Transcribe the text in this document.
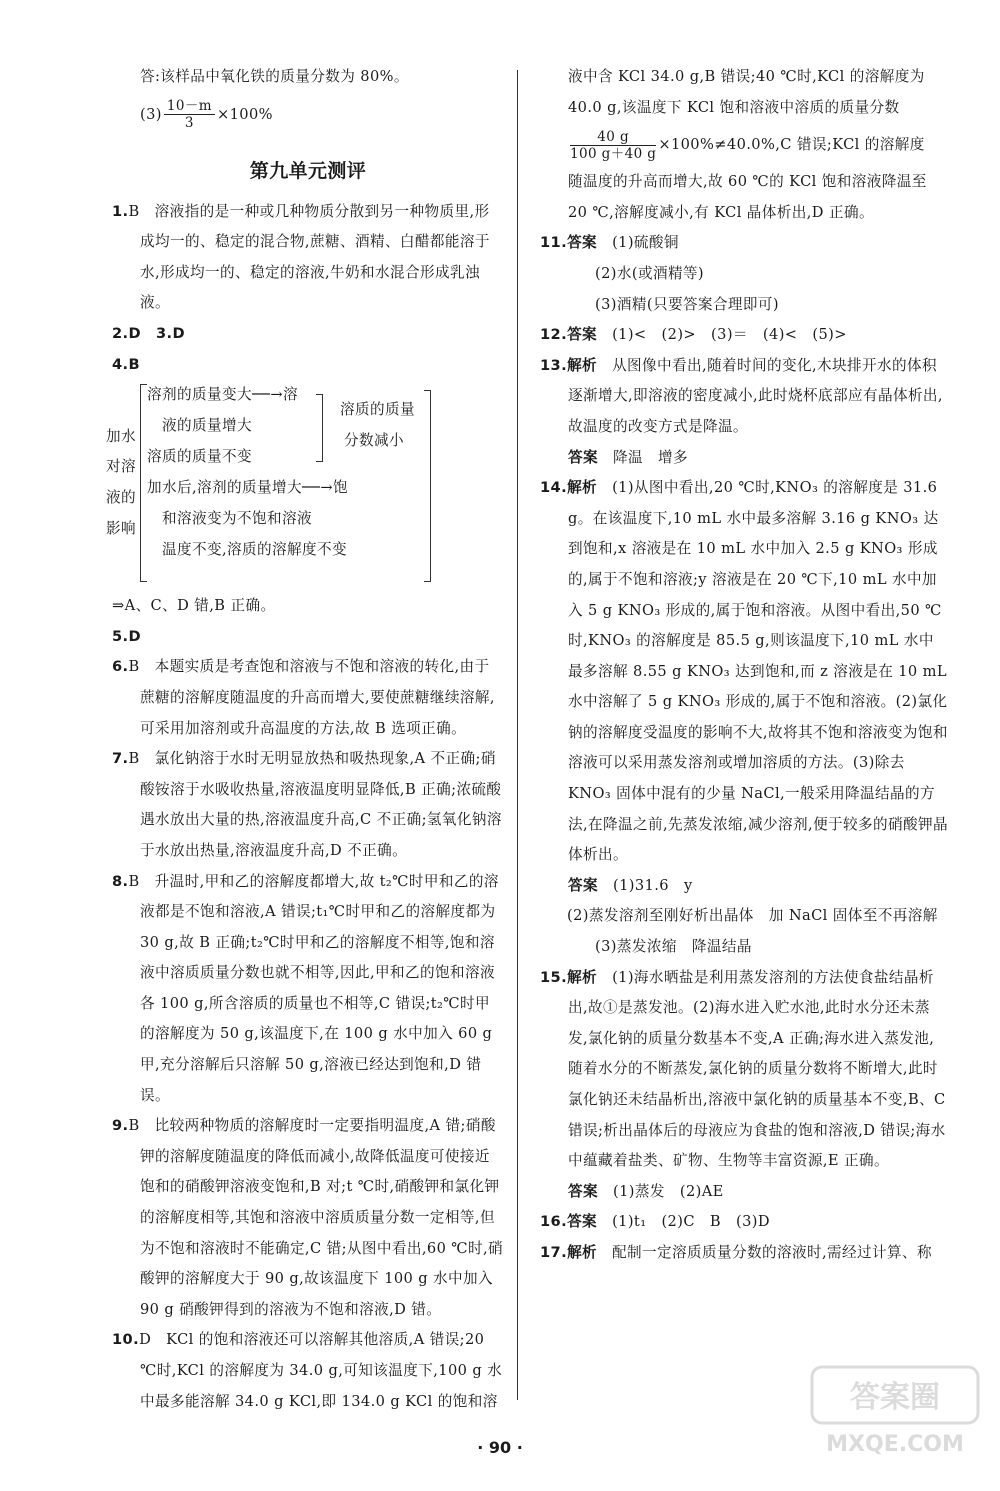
答:该样品中氧化铁的质量分数为 80%。

$(3) \frac{10-m}{3} \times 100\%$

第九单元测评

1.B　溶液指的是一种或几种物质分散到另一种物质里,形成均一的、稳定的混合物,蔗糖、酒精、白醋都能溶于水,形成均一的、稳定的溶液,牛奶和水混合形成乳浊液。

2.D　3.D

4.B

加水
对溶
液的
影响
溶剂的质量变大──→溶
液的质量增大
溶质的质量不变
溶质的质量
分数减小
加水后,溶剂的质量增大──→饱
和溶液变为不饱和溶液
温度不变,溶质的溶解度不变

⇒A、C、D 错,B 正确。

5.D

6.B　本题实质是考查饱和溶液与不饱和溶液的转化,由于蔗糖的溶解度随温度的升高而增大,要使蔗糖继续溶解,可采用加溶剂或升高温度的方法,故 B 选项正确。

7.B　氯化钠溶于水时无明显放热和吸热现象,A 不正确;硝酸铵溶于水吸收热量,溶液温度明显降低,B 正确;浓硫酸遇水放出大量的热,溶液温度升高,C 不正确;氢氧化钠溶于水放出热量,溶液温度升高,D 不正确。

8.B　升温时,甲和乙的溶解度都增大,故 t₂℃时甲和乙的溶液都是不饱和溶液,A 错误;t₁℃时甲和乙的溶解度都为 30 g,故 B 正确;t₂℃时甲和乙的溶解度不相等,饱和溶液中溶质质量分数也就不相等,因此,甲和乙的饱和溶液各 100 g,所含溶质的质量也不相等,C 错误;t₂℃时甲的溶解度为 50 g,该温度下,在 100 g 水中加入 60 g 甲,充分溶解后只溶解 50 g,溶液已经达到饱和,D 错误。

9.B　比较两种物质的溶解度时一定要指明温度,A 错;硝酸钾的溶解度随温度的降低而减小,故降低温度可使接近饱和的硝酸钾溶液变饱和,B 对;t ℃时,硝酸钾和氯化钾的溶解度相等,其饱和溶液中溶质质量分数一定相等,但为不饱和溶液时不能确定,C 错;从图中看出,60 ℃时,硝酸钾的溶解度大于 90 g,故该温度下 100 g 水中加入 90 g 硝酸钾得到的溶液为不饱和溶液,D 错。

10.D　KCl 的饱和溶液还可以溶解其他溶质,A 错误;20 ℃时,KCl 的溶解度为 34.0 g,可知该温度下,100 g 水中最多能溶解 34.0 g KCl,即 134.0 g KCl 的饱和溶

液中含 KCl 34.0 g,B 错误;40 ℃时,KCl 的溶解度为 40.0 g,该温度下 KCl 饱和溶液中溶质的质量分数

$\frac{40 g}{100 g+40 g} \times 100\%\ne 40.0\%,C$ 错误;KCl 的溶解度

随温度的升高而增大,故 60 ℃的 KCl 饱和溶液降温至 20 ℃,溶解度减小,有 KCl 晶体析出,D 正确。

11.答案　 (1)硫酸铜

(2)水(或酒精等)

(3)酒精(只要答案合理即可)

12.答案　 (1)<　(2)>　(3)＝　(4)<　(5)>

13.解析　 从图像中看出,随着时间的变化,木块排开水的体积逐渐增大,即溶液的密度减小,此时烧杯底部应有晶体析出,故温度的改变方式是降温。

答案　 降温　增多

14.解析　 (1)从图中看出,20 ℃时,KNO₃ 的溶解度是 31.6 g。在该温度下,10 mL 水中最多溶解 3.16 g KNO₃ 达到饱和,x 溶液是在 10 mL 水中加入 2.5 g KNO₃ 形成的,属于不饱和溶液;y 溶液是在 20 ℃下,10 mL 水中加入 5 g KNO₃ 形成的,属于饱和溶液。从图中看出,50 ℃时,KNO₃ 的溶解度是 85.5 g,则该温度下,10 mL 水中最多溶解 8.55 g KNO₃ 达到饱和,而 z 溶液是在 10 mL 水中溶解了 5 g KNO₃ 形成的,属于不饱和溶液。(2)氯化钠的溶解度受温度的影响不大,故将其不饱和溶液变为饱和溶液可以采用蒸发溶剂或增加溶质的方法。(3)除去 KNO₃ 固体中混有的少量 NaCl,一般采用降温结晶的方法,在降温之前,先蒸发浓缩,减少溶剂,便于较多的硝酸钾晶体析出。

答案　 (1)31.6　y

(2)蒸发溶剂至刚好析出晶体　加 NaCl 固体至不再溶解

(3)蒸发浓缩　降温结晶

15.解析　 (1)海水晒盐是利用蒸发溶剂的方法使食盐结晶析出,故①是蒸发池。(2)海水进入贮水池,此时水分还未蒸发,氯化钠的质量分数基本不变,A 正确;海水进入蒸发池,随着水分的不断蒸发,氯化钠的质量分数将不断增大,此时氯化钠还未结晶析出,溶液中氯化钠的质量基本不变,B、C 错误;析出晶体后的母液应为食盐的饱和溶液,D 错误;海水中蕴藏着盐类、矿物、生物等丰富资源,E 正确。

答案　 (1)蒸发　(2)AE

16.答案　 (1)t₁　(2)C　B　(3)D

17.解析　 配制一定溶质质量分数的溶液时,需经过计算、称

· 90 ·
答案圈
MXQE.COM
